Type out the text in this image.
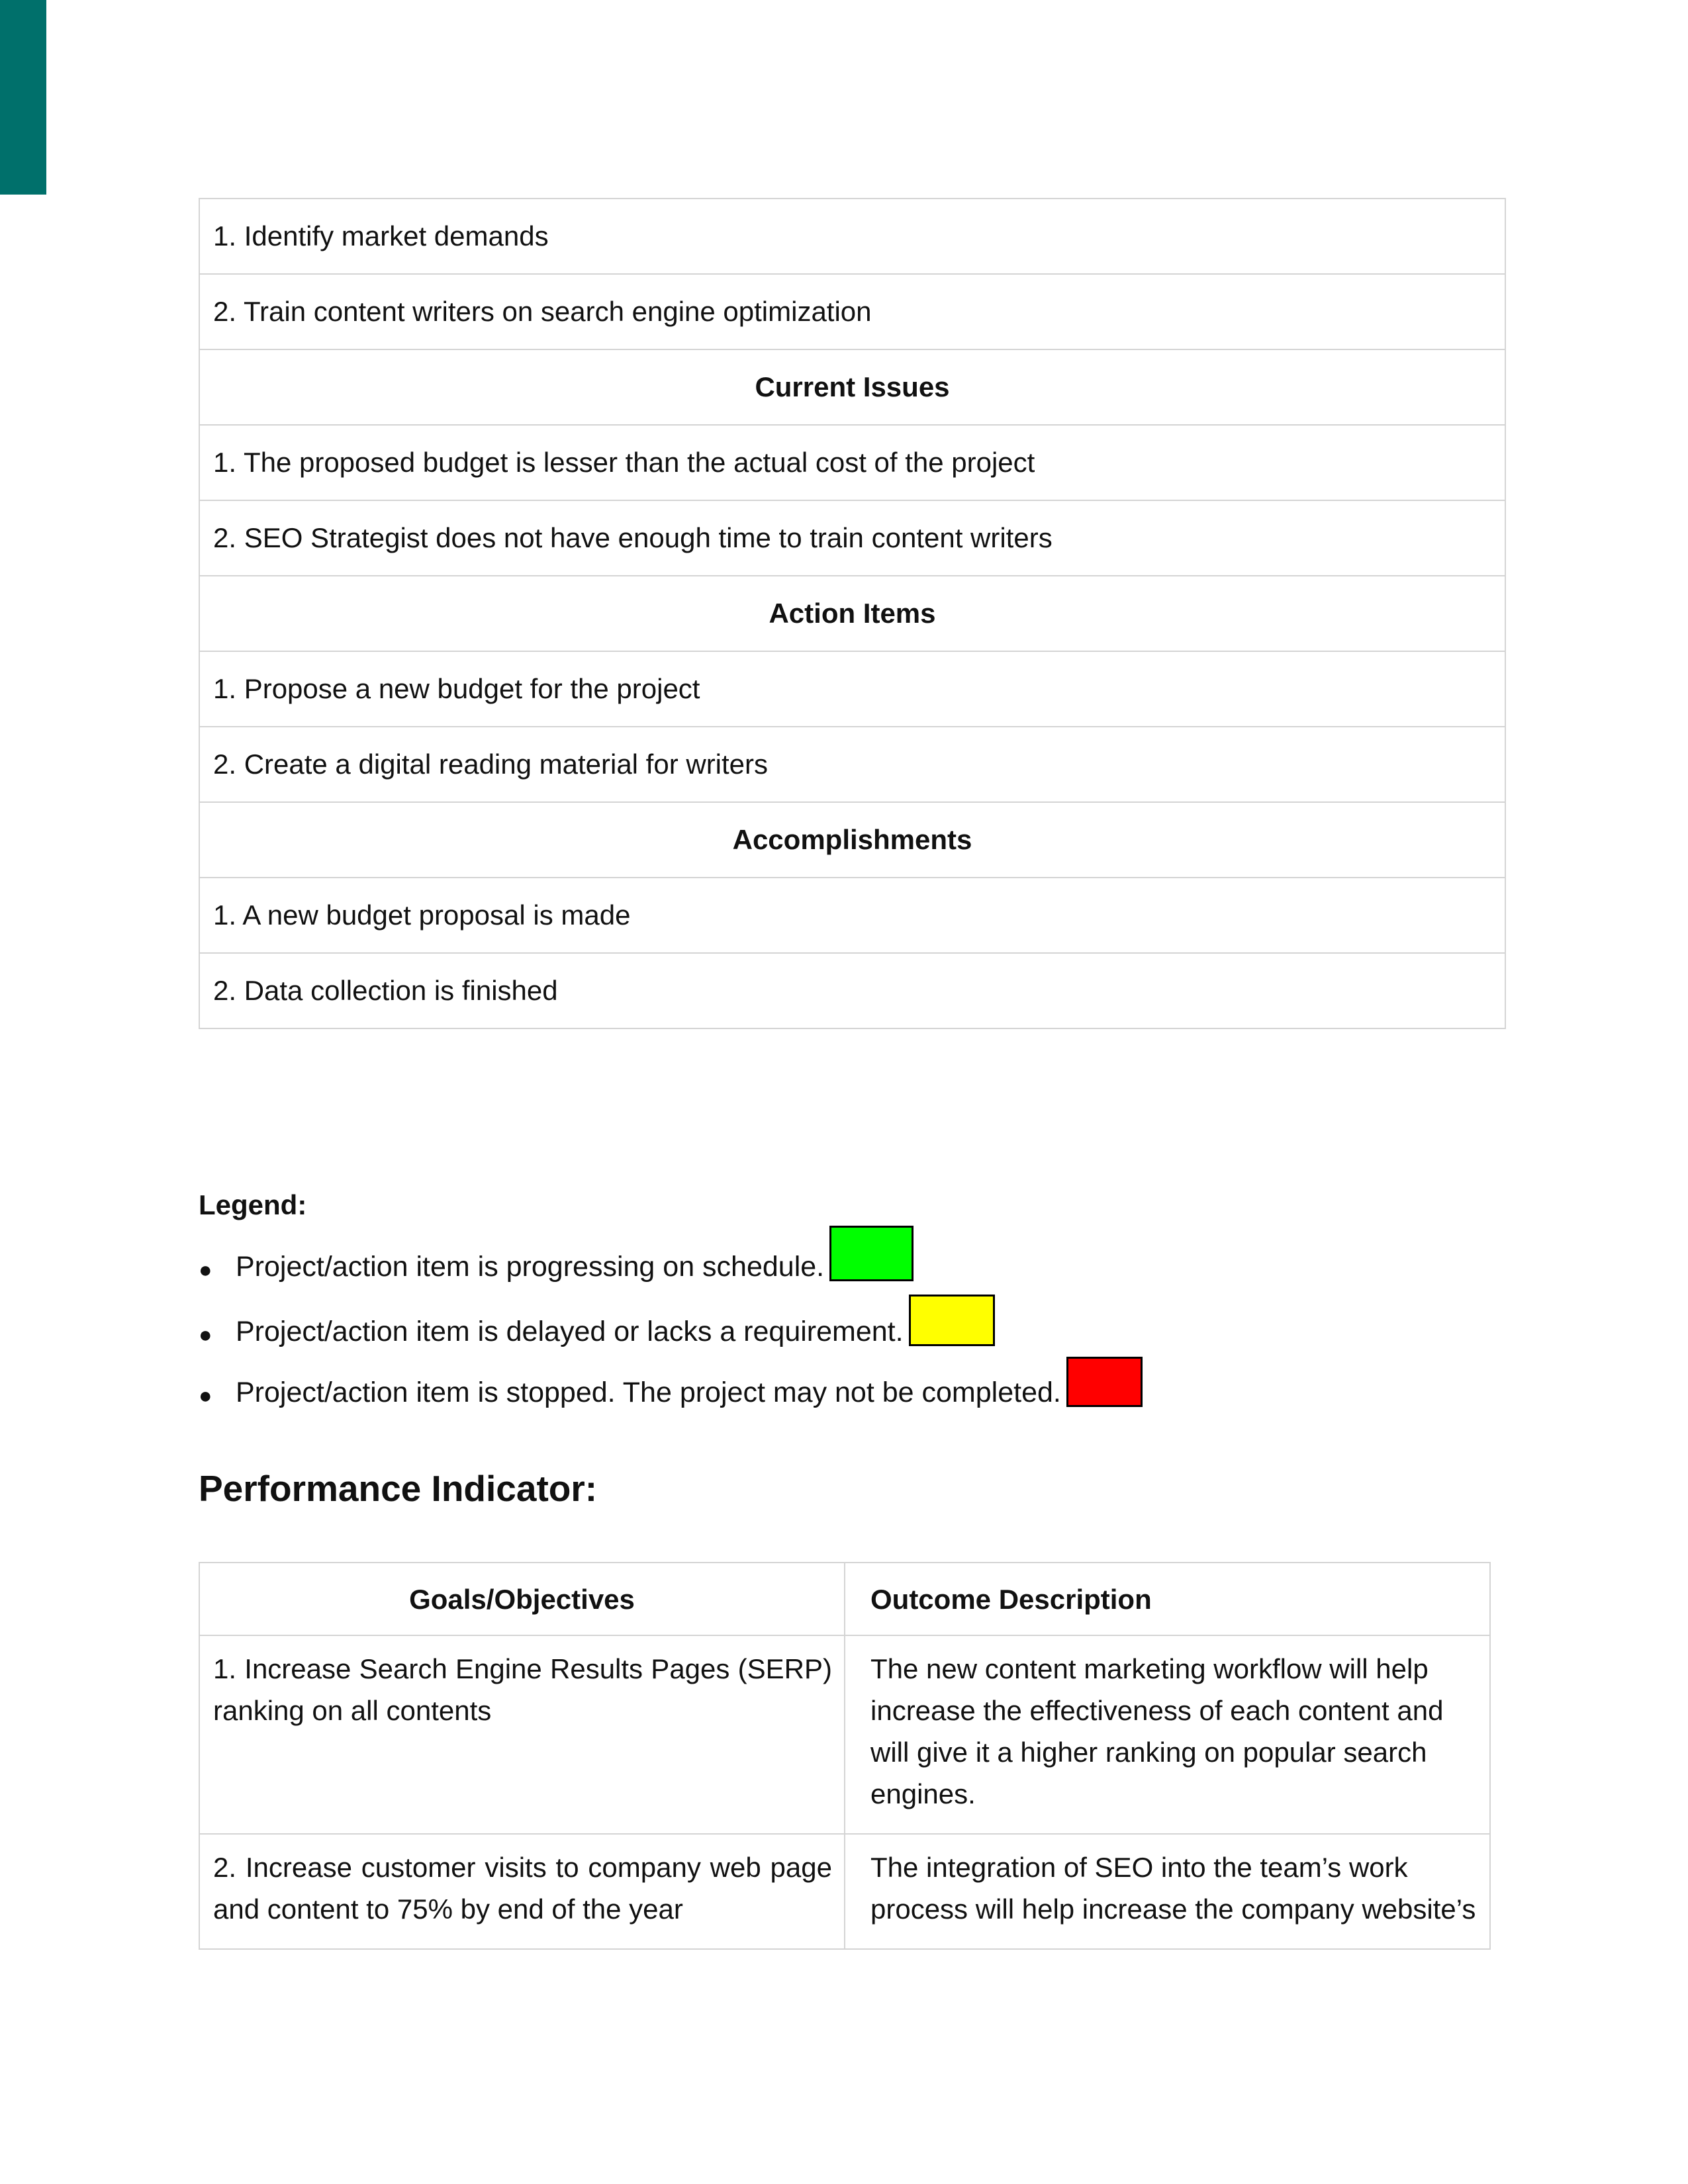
1. Identify market demands
2. Train content writers on search engine optimization
Current Issues
1. The proposed budget is lesser than the actual cost of the project
2. SEO Strategist does not have enough time to train content writers
Action Items
1. Propose a new budget for the project
2. Create a digital reading material for writers
Accomplishments
1. A new budget proposal is made
2. Data collection is finished
Legend:
● Project/action item is progressing on schedule.
● Project/action item is delayed or lacks a requirement.
● Project/action item is stopped. The project may not be completed.
Performance Indicator:
Goals/Objectives	Outcome Description
1. Increase Search Engine Results Pages (SERP) ranking on all contents	The new content marketing workflow will help increase the effectiveness of each content and will give it a higher ranking on popular search engines.
2. Increase customer visits to company web page and content to 75% by end of the year	The integration of SEO into the team’s work process will help increase the company website’s
